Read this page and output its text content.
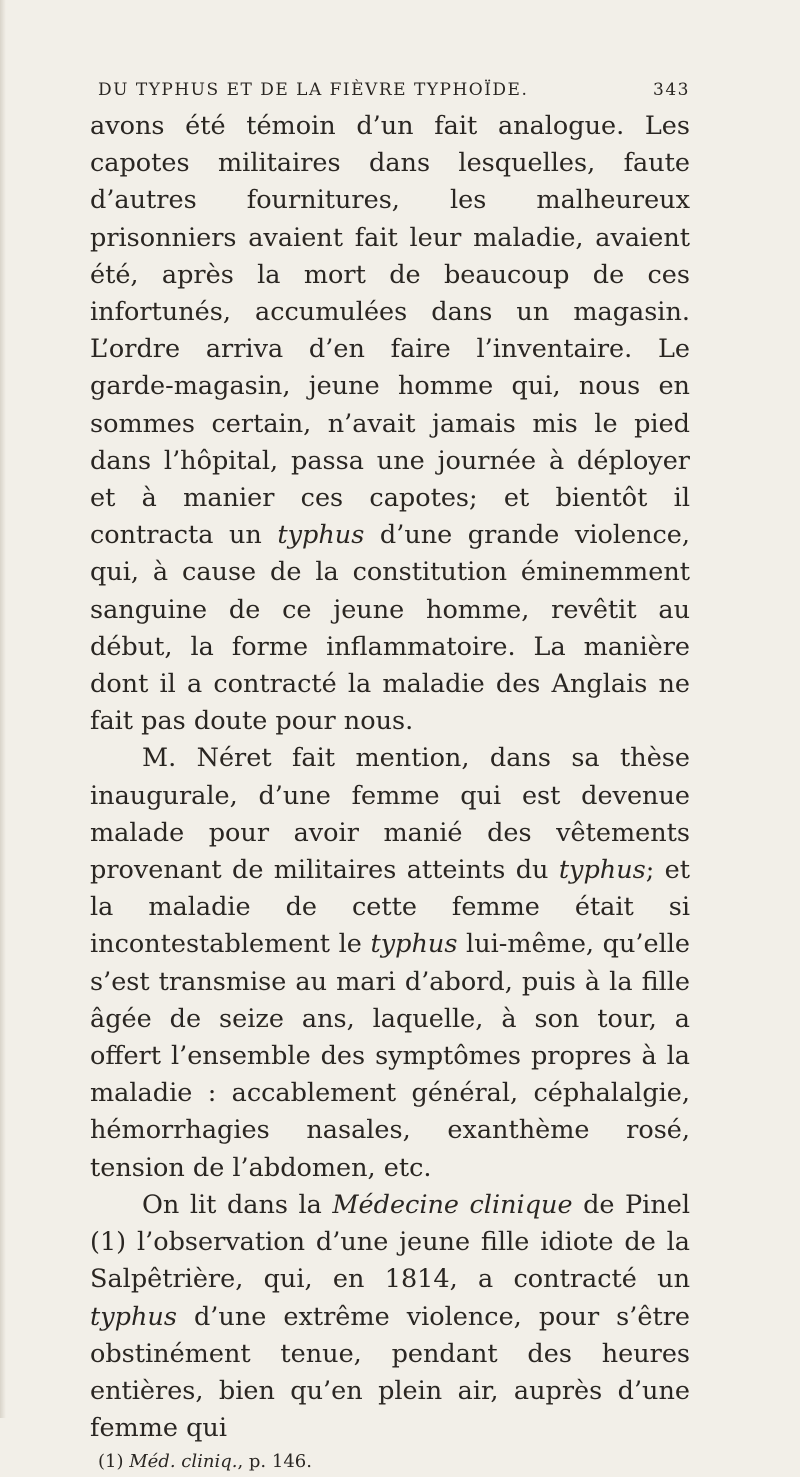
DU TYPHUS ET DE LA FIÈVRE TYPHOÏDE.	343

avons été témoin d’un fait analogue. Les capotes militaires dans lesquelles, faute d’autres fournitures, les malheureux prisonniers avaient fait leur maladie, avaient été, après la mort de beaucoup de ces infortunés, accumulées dans un magasin. L’ordre arriva d’en faire l’inventaire. Le garde-magasin, jeune homme qui, nous en sommes certain, n’avait jamais mis le pied dans l’hôpital, passa une journée à déployer et à manier ces capotes; et bientôt il contracta un typhus d’une grande violence, qui, à cause de la constitution éminemment sanguine de ce jeune homme, revêtit au début, la forme inflammatoire. La manière dont il a contracté la maladie des Anglais ne fait pas doute pour nous.

M. Néret fait mention, dans sa thèse inaugurale, d’une femme qui est devenue malade pour avoir manié des vêtements provenant de militaires atteints du typhus; et la maladie de cette femme était si incontestablement le typhus lui-même, qu’elle s’est transmise au mari d’abord, puis à la fille âgée de seize ans, laquelle, à son tour, a offert l’ensemble des symptômes propres à la maladie : accablement général, céphalalgie, hémorrhagies nasales, exanthème rosé, tension de l’abdomen, etc.

On lit dans la Médecine clinique de Pinel (1) l’observation d’une jeune fille idiote de la Salpêtrière, qui, en 1814, a contracté un typhus d’une extrême violence, pour s’être obstinément tenue, pendant des heures entières, bien qu’en plein air, auprès d’une femme qui

(1) Méd. cliniq., p. 146.
